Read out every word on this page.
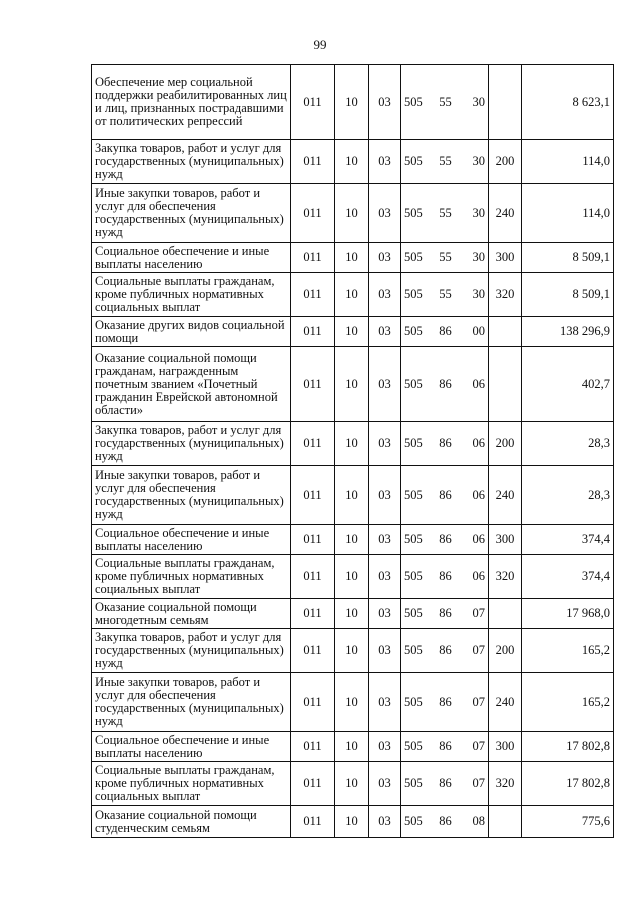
99
Обеспечение мер социальной поддержки реабилитированных лиц и лиц, признанных пострадавшими от политических репрессий	011	10	03	505	55	30		8 623,1
Закупка товаров, работ и услуг для государственных (муниципальных) нужд	011	10	03	505	55	30	200	114,0
Иные закупки товаров, работ и услуг для обеспечения государственных (муниципальных) нужд	011	10	03	505	55	30	240	114,0
Социальное обеспечение и иные выплаты населению	011	10	03	505	55	30	300	8 509,1
Социальные выплаты гражданам, кроме публичных нормативных социальных выплат	011	10	03	505	55	30	320	8 509,1
Оказание других видов социальной помощи	011	10	03	505	86	00		138 296,9
Оказание социальной помощи гражданам, награжденным почетным званием «Почетный гражданин Еврейской автономной области»	011	10	03	505	86	06		402,7
Закупка товаров, работ и услуг для государственных (муниципальных) нужд	011	10	03	505	86	06	200	28,3
Иные закупки товаров, работ и услуг для обеспечения государственных (муниципальных) нужд	011	10	03	505	86	06	240	28,3
Социальное обеспечение и иные выплаты населению	011	10	03	505	86	06	300	374,4
Социальные выплаты гражданам, кроме публичных нормативных социальных выплат	011	10	03	505	86	06	320	374,4
Оказание социальной помощи многодетным семьям	011	10	03	505	86	07		17 968,0
Закупка товаров, работ и услуг для государственных (муниципальных) нужд	011	10	03	505	86	07	200	165,2
Иные закупки товаров, работ и услуг для обеспечения государственных (муниципальных) нужд	011	10	03	505	86	07	240	165,2
Социальное обеспечение и иные выплаты населению	011	10	03	505	86	07	300	17 802,8
Социальные выплаты гражданам, кроме публичных нормативных социальных выплат	011	10	03	505	86	07	320	17 802,8
Оказание социальной помощи студенческим семьям	011	10	03	505	86	08		775,6
